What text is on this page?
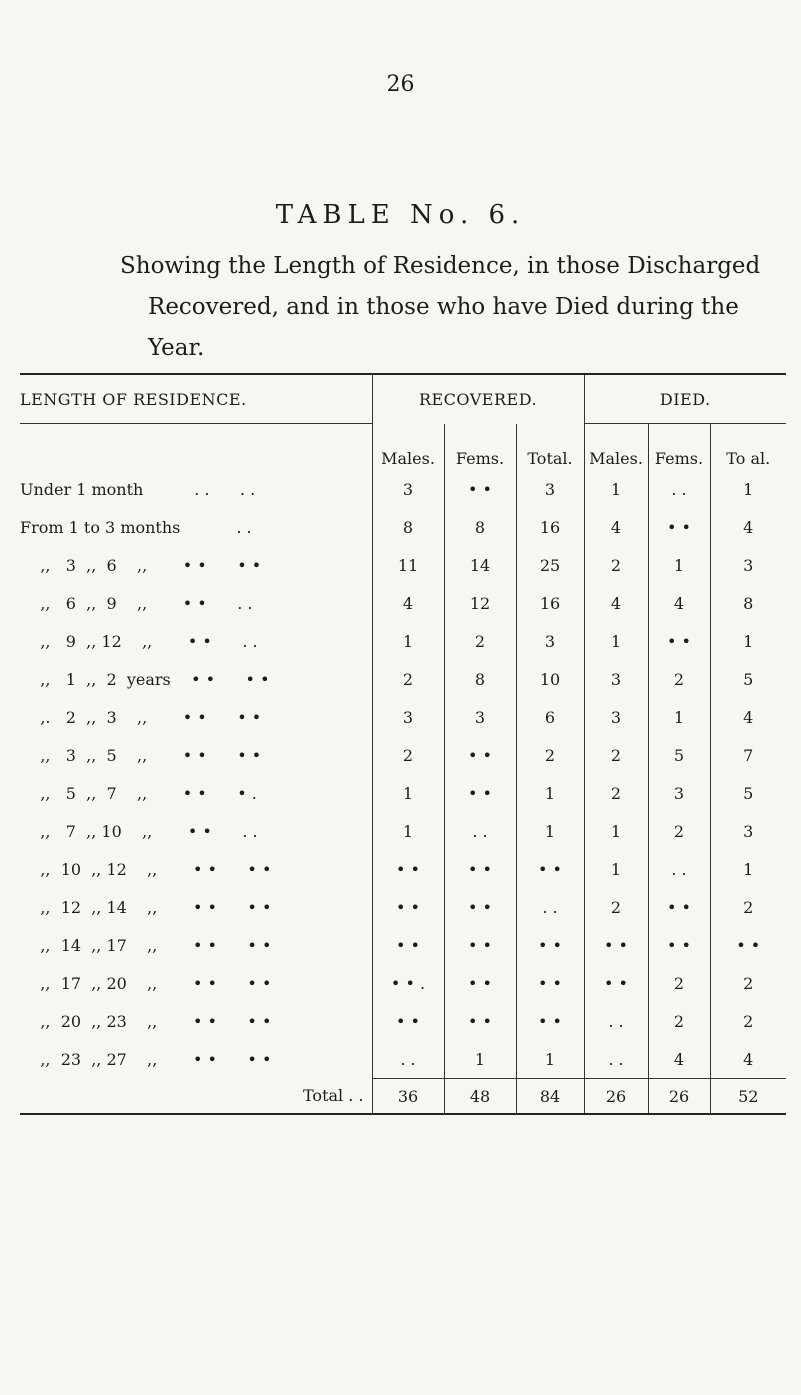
26
TABLE No. 6.
Showing the Length of Residence, in those Discharged Recovered, and in those who have Died during the Year.
LENGTH OF RESIDENCE.	RECOVERED.			DIED.		
	Males.	Fems.	Total.	Males.	Fems.	To al.
Under 1 month          . .      . .	3	• •	3	1	. .	1
From 1 to 3 months           . .	8	8	16	4	• •	4
,,   3  ,,  6    ,,       • •      • •	11	14	25	2	1	3
,,   6  ,,  9    ,,       • •      . .	4	12	16	4	4	8
,,   9  ,, 12    ,,       • •      . .	1	2	3	1	• •	1
,,   1  ,,  2  years    • •      • •	2	8	10	3	2	5
,.   2  ,,  3    ,,       • •      • •	3	3	6	3	1	4
,,   3  ,,  5    ,,       • •      • •	2	• •	2	2	5	7
,,   5  ,,  7    ,,       • •      • .	1	• •	1	2	3	5
,,   7  ,, 10    ,,       • •      . .	1	. .	1	1	2	3
,,  10  ,, 12    ,,       • •      • •	• •	• •	• •	1	. .	1
,,  12  ,, 14    ,,       • •      • •	• •	• •	. .	2	• •	2
,,  14  ,, 17    ,,       • •      • •	• •	• •	• •	• •	• •	• •
,,  17  ,, 20    ,,       • •      • •	• • .	• •	• •	• •	2	2
,,  20  ,, 23    ,,       • •      • •	• •	• •	• •	. .	2	2
,,  23  ,, 27    ,,       • •      • •	. .	1	1	. .	4	4
Total . .	36	48	84	26	26	52
